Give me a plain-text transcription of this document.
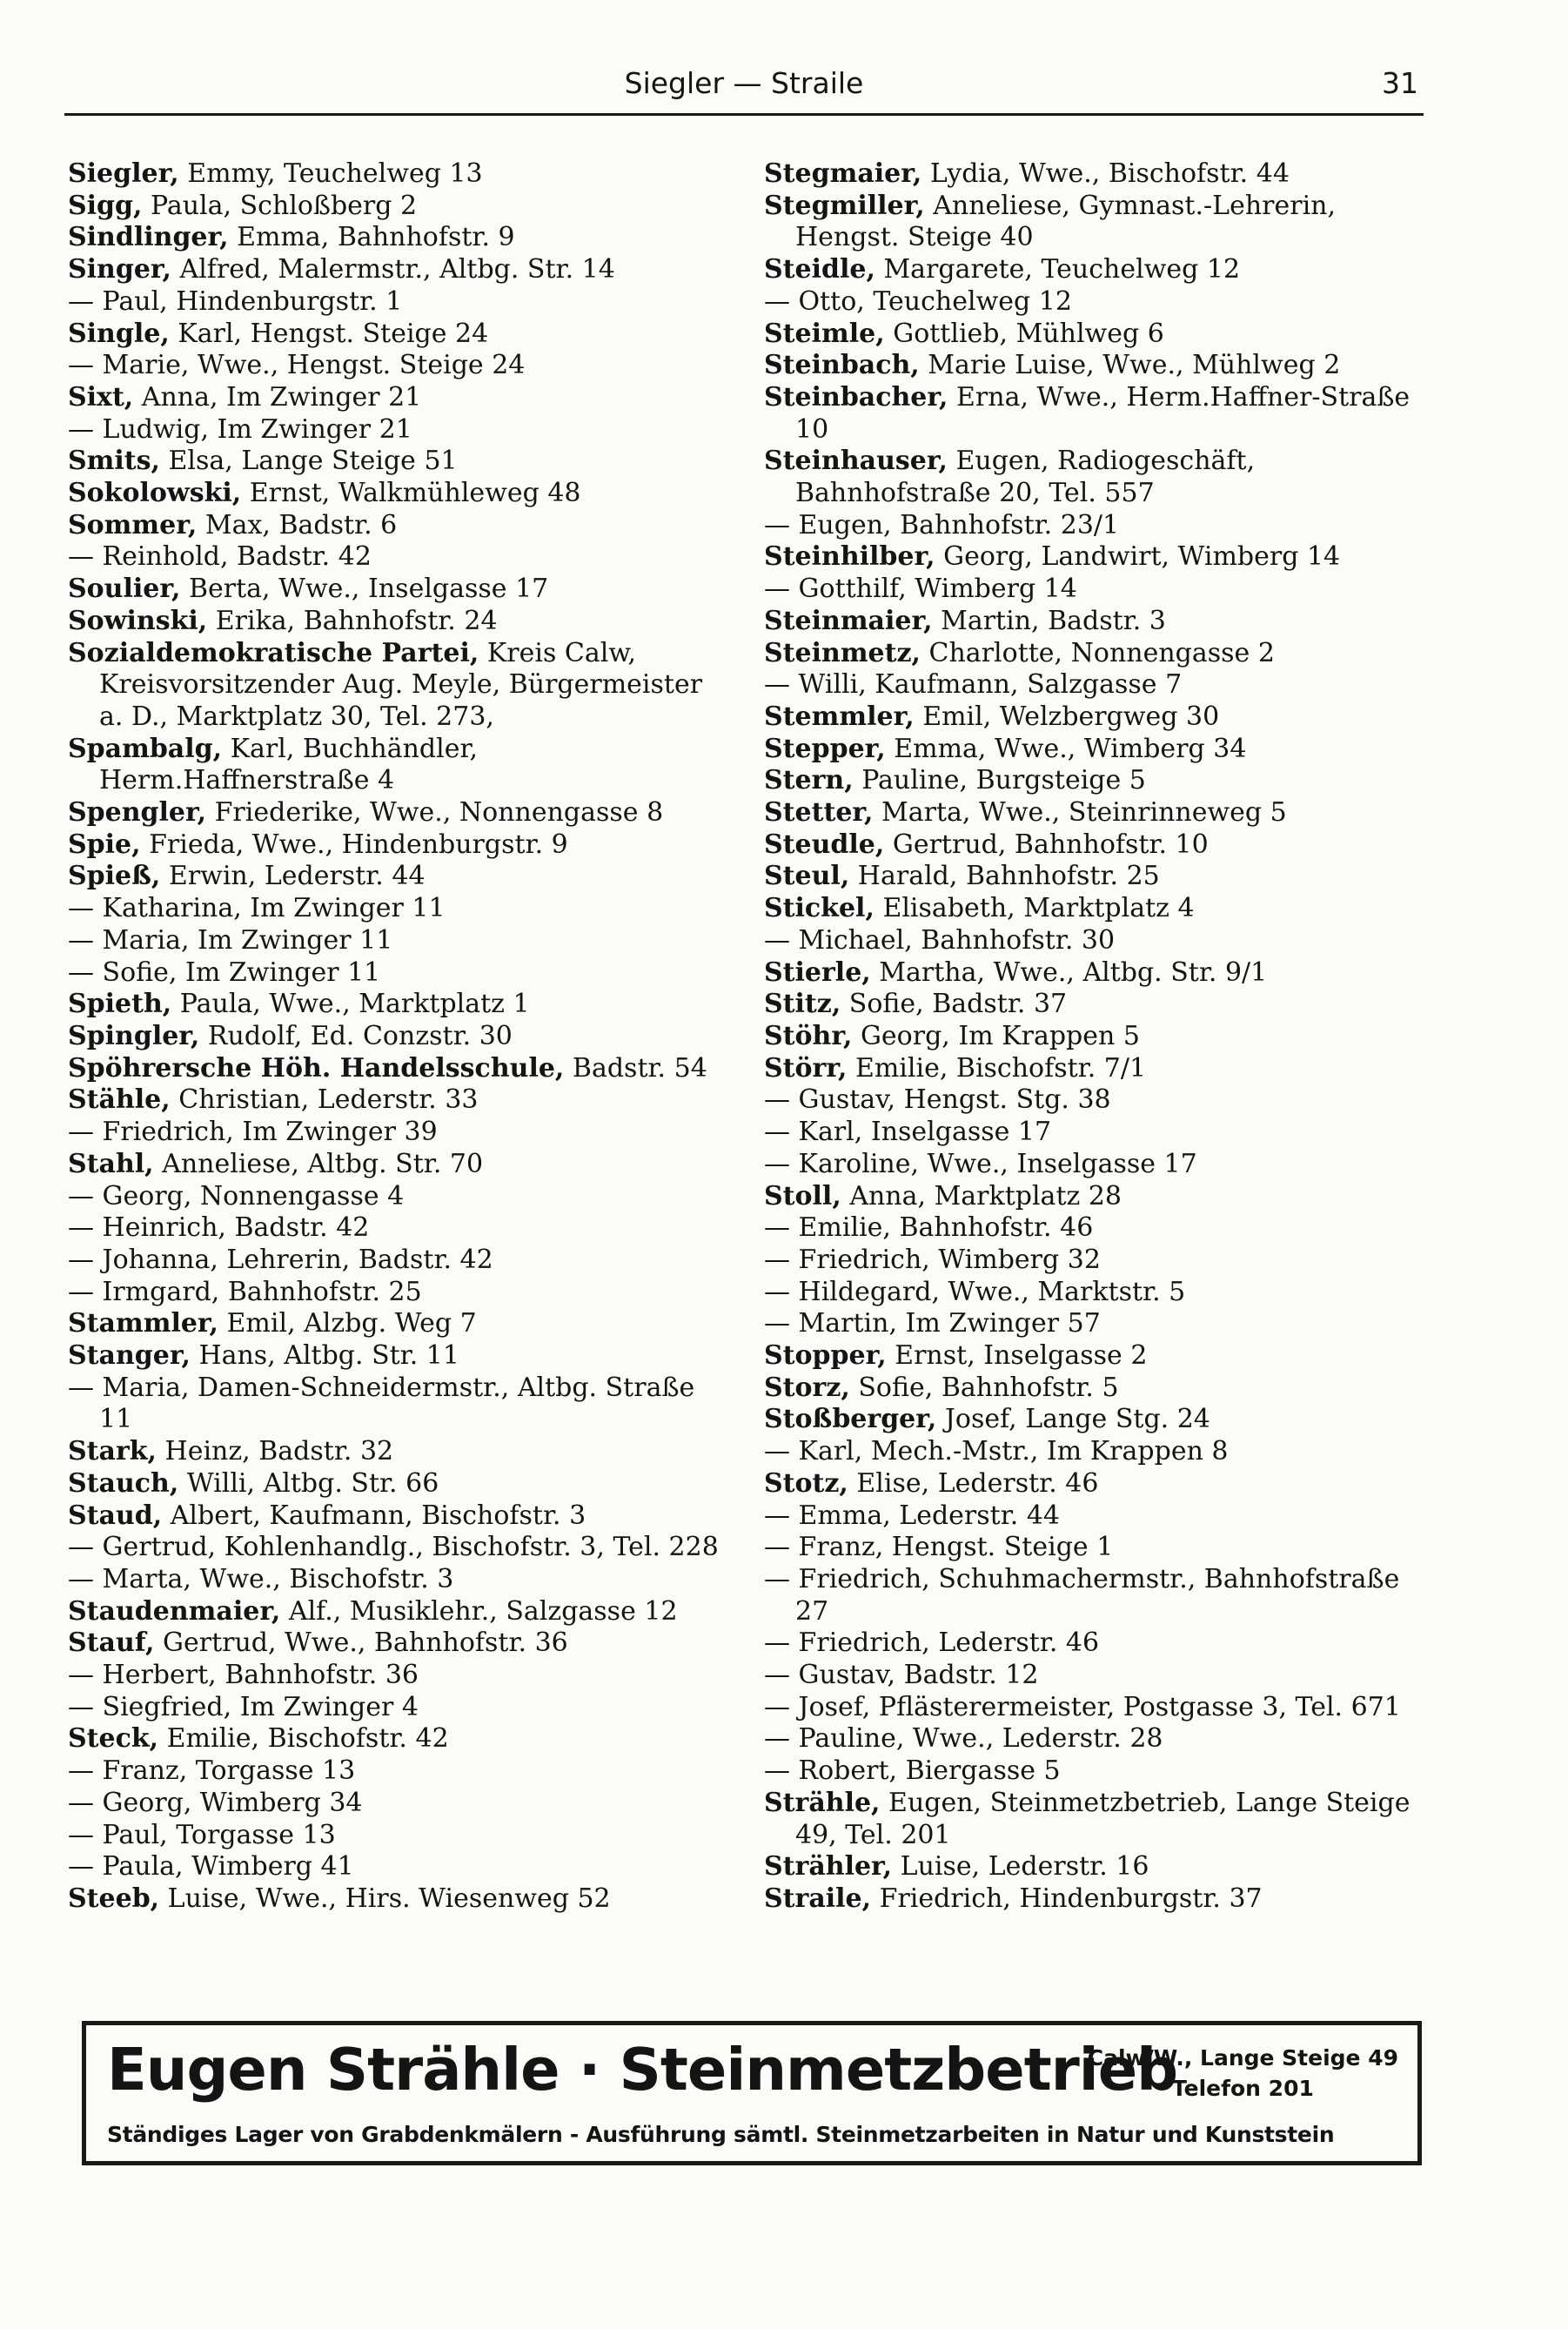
Siegler — Straile	31

Siegler, Emmy, Teuchelweg 13

Sigg, Paula, Schloßberg 2

Sindlinger, Emma, Bahnhofstr. 9

Singer, Alfred, Malermstr., Altbg. Str. 14

— Paul, Hindenburgstr. 1

Single, Karl, Hengst. Steige 24

— Marie, Wwe., Hengst. Steige 24

Sixt, Anna, Im Zwinger 21

— Ludwig, Im Zwinger 21

Smits, Elsa, Lange Steige 51

Sokolowski, Ernst, Walkmühleweg 48

Sommer, Max, Badstr. 6

— Reinhold, Badstr. 42

Soulier, Berta, Wwe., Inselgasse 17

Sowinski, Erika, Bahnhofstr. 24

Sozialdemokratische Partei, Kreis Calw, Kreisvorsitzender Aug. Meyle, Bürgermeister a. D., Marktplatz 30, Tel. 273,

Spambalg, Karl, Buchhändler, Herm.Haffnerstraße 4

Spengler, Friederike, Wwe., Nonnengasse 8

Spie, Frieda, Wwe., Hindenburgstr. 9

Spieß, Erwin, Lederstr. 44

— Katharina, Im Zwinger 11

— Maria, Im Zwinger 11

— Sofie, Im Zwinger 11

Spieth, Paula, Wwe., Marktplatz 1

Spingler, Rudolf, Ed. Conzstr. 30

Spöhrersche Höh. Handelsschule, Badstr. 54

Stähle, Christian, Lederstr. 33

— Friedrich, Im Zwinger 39

Stahl, Anneliese, Altbg. Str. 70

— Georg, Nonnengasse 4

— Heinrich, Badstr. 42

— Johanna, Lehrerin, Badstr. 42

— Irmgard, Bahnhofstr. 25

Stammler, Emil, Alzbg. Weg 7

Stanger, Hans, Altbg. Str. 11

— Maria, Damen-Schneidermstr., Altbg. Straße 11

Stark, Heinz, Badstr. 32

Stauch, Willi, Altbg. Str. 66

Staud, Albert, Kaufmann, Bischofstr. 3

— Gertrud, Kohlenhandlg., Bischofstr. 3, Tel. 228

— Marta, Wwe., Bischofstr. 3

Staudenmaier, Alf., Musiklehr., Salzgasse 12

Stauf, Gertrud, Wwe., Bahnhofstr. 36

— Herbert, Bahnhofstr. 36

— Siegfried, Im Zwinger 4

Steck, Emilie, Bischofstr. 42

— Franz, Torgasse 13

— Georg, Wimberg 34

— Paul, Torgasse 13

— Paula, Wimberg 41

Steeb, Luise, Wwe., Hirs. Wiesenweg 52

Stegmaier, Lydia, Wwe., Bischofstr. 44

Stegmiller, Anneliese, Gymnast.-Lehrerin, Hengst. Steige 40

Steidle, Margarete, Teuchelweg 12

— Otto, Teuchelweg 12

Steimle, Gottlieb, Mühlweg 6

Steinbach, Marie Luise, Wwe., Mühlweg 2

Steinbacher, Erna, Wwe., Herm.Haffner-Straße 10

Steinhauser, Eugen, Radiogeschäft, Bahnhofstraße 20, Tel. 557

— Eugen, Bahnhofstr. 23/1

Steinhilber, Georg, Landwirt, Wimberg 14

— Gotthilf, Wimberg 14

Steinmaier, Martin, Badstr. 3

Steinmetz, Charlotte, Nonnengasse 2

— Willi, Kaufmann, Salzgasse 7

Stemmler, Emil, Welzbergweg 30

Stepper, Emma, Wwe., Wimberg 34

Stern, Pauline, Burgsteige 5

Stetter, Marta, Wwe., Steinrinneweg 5

Steudle, Gertrud, Bahnhofstr. 10

Steul, Harald, Bahnhofstr. 25

Stickel, Elisabeth, Marktplatz 4

— Michael, Bahnhofstr. 30

Stierle, Martha, Wwe., Altbg. Str. 9/1

Stitz, Sofie, Badstr. 37

Stöhr, Georg, Im Krappen 5

Störr, Emilie, Bischofstr. 7/1

— Gustav, Hengst. Stg. 38

— Karl, Inselgasse 17

— Karoline, Wwe., Inselgasse 17

Stoll, Anna, Marktplatz 28

— Emilie, Bahnhofstr. 46

— Friedrich, Wimberg 32

— Hildegard, Wwe., Marktstr. 5

— Martin, Im Zwinger 57

Stopper, Ernst, Inselgasse 2

Storz, Sofie, Bahnhofstr. 5

Stoßberger, Josef, Lange Stg. 24

— Karl, Mech.-Mstr., Im Krappen 8

Stotz, Elise, Lederstr. 46

— Emma, Lederstr. 44

— Franz, Hengst. Steige 1

— Friedrich, Schuhmachermstr., Bahnhofstraße 27

— Friedrich, Lederstr. 46

— Gustav, Badstr. 12

— Josef, Pflästerermeister, Postgasse 3, Tel. 671

— Pauline, Wwe., Lederstr. 28

— Robert, Biergasse 5

Strähle, Eugen, Steinmetzbetrieb, Lange Steige 49, Tel. 201

Strähler, Luise, Lederstr. 16

Straile, Friedrich, Hindenburgstr. 37

Eugen Strähle · Steinmetzbetrieb
Calw/W., Lange Steige 49
Telefon 201
Ständiges Lager von Grabdenkmälern - Ausführung sämtl. Steinmetzarbeiten in Natur und Kunststein
